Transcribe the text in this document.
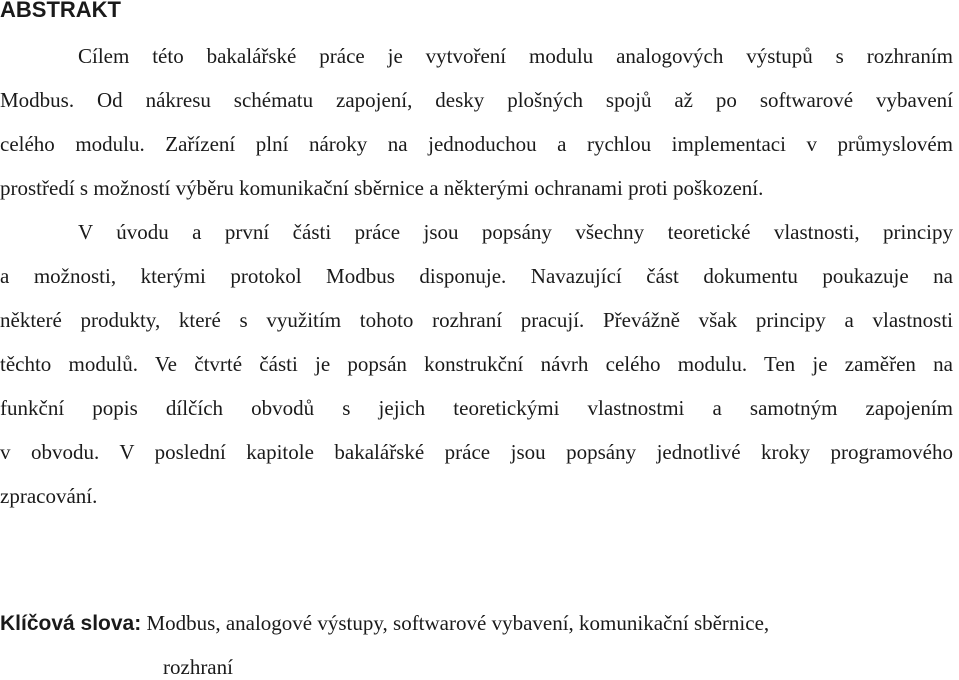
ABSTRAKT

Cílem této bakalářské práce je vytvoření modulu analogových výstupů s rozhraním

Modbus. Od nákresu schématu zapojení, desky plošných spojů až po softwarové vybavení

celého modulu. Zařízení plní nároky na jednoduchou a rychlou implementaci v průmyslovém

prostředí s možností výběru komunikační sběrnice a některými ochranami proti poškození.

V úvodu a první části práce jsou popsány všechny teoretické vlastnosti, principy

a možnosti, kterými protokol Modbus disponuje. Navazující část dokumentu poukazuje na

některé produkty, které s využitím tohoto rozhraní pracují. Převážně však principy a vlastnosti

těchto modulů. Ve čtvrté části je popsán konstrukční návrh celého modulu. Ten je zaměřen na

funkční popis dílčích obvodů s jejich teoretickými vlastnostmi a samotným zapojením

v obvodu. V poslední kapitole bakalářské práce jsou popsány jednotlivé kroky programového

zpracování.

Klíčová slova: Modbus, analogové výstupy, softwarové vybavení, komunikační sběrnice,

rozhraní
